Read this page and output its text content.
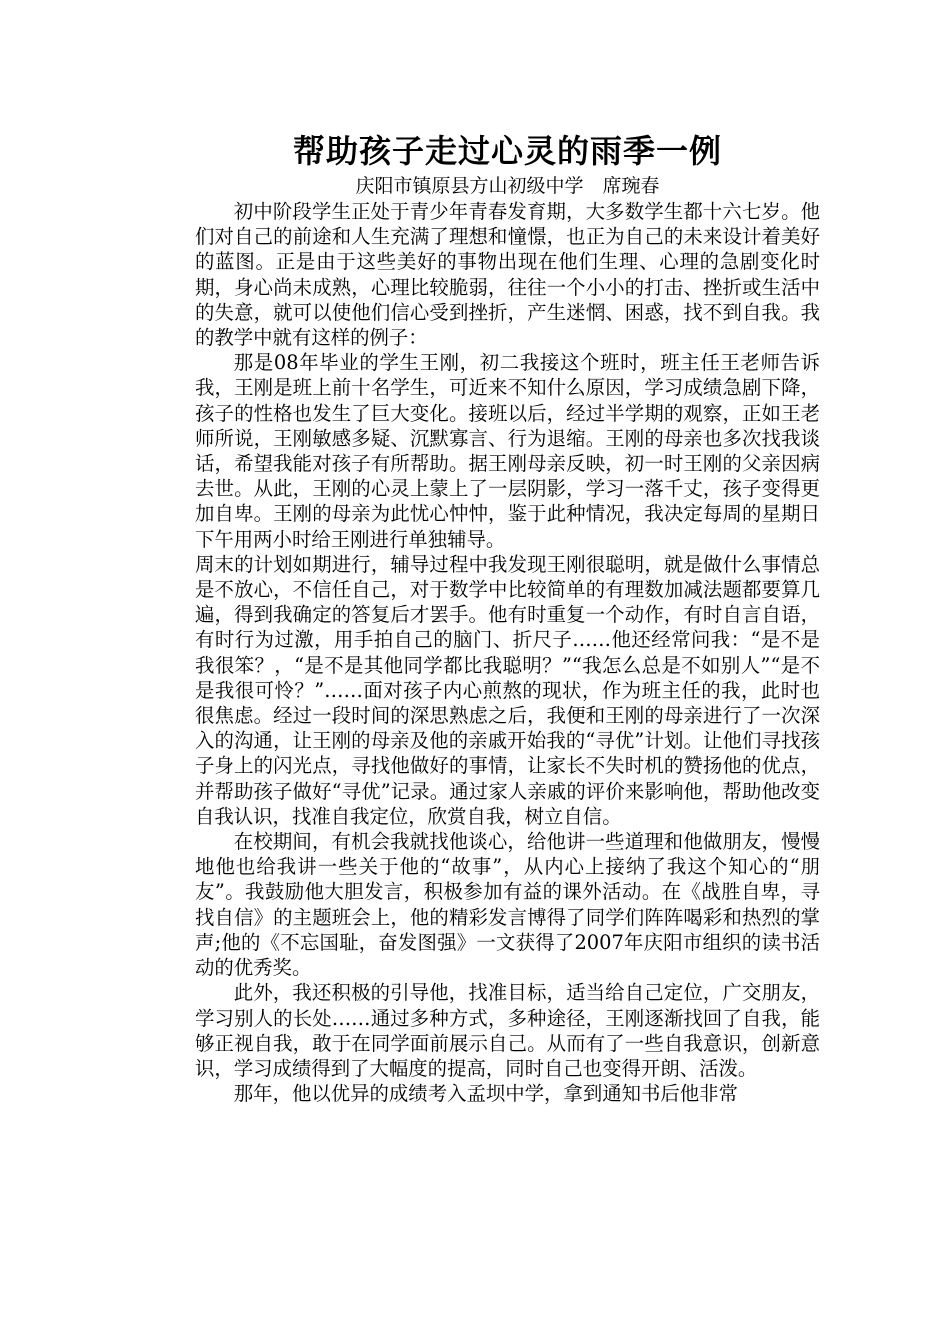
帮助孩子走过心灵的雨季一例

庆阳市镇原县方山初级中学　席琬春

初中阶段学生正处于青少年青春发育期，大多数学生都十六七岁。他们对自己的前途和人生充满了理想和憧憬，也正为自己的未来设计着美好的蓝图。正是由于这些美好的事物出现在他们生理、心理的急剧变化时期，身心尚未成熟，心理比较脆弱，往往一个小小的打击、挫折或生活中的失意，就可以使他们信心受到挫折，产生迷惘、困惑，找不到自我。我的教学中就有这样的例子：

那是08年毕业的学生王刚，初二我接这个班时，班主任王老师告诉我，王刚是班上前十名学生，可近来不知什么原因，学习成绩急剧下降，孩子的性格也发生了巨大变化。接班以后，经过半学期的观察，正如王老师所说，王刚敏感多疑、沉默寡言、行为退缩。王刚的母亲也多次找我谈话，希望我能对孩子有所帮助。据王刚母亲反映，初一时王刚的父亲因病去世。从此，王刚的心灵上蒙上了一层阴影，学习一落千丈，孩子变得更加自卑。王刚的母亲为此忧心忡忡，鉴于此种情况，我决定每周的星期日下午用两小时给王刚进行单独辅导。

周末的计划如期进行，辅导过程中我发现王刚很聪明，就是做什么事情总是不放心，不信任自己，对于数学中比较简单的有理数加减法题都要算几遍，得到我确定的答复后才罢手。他有时重复一个动作，有时自言自语，有时行为过激，用手拍自己的脑门、折尺子……他还经常问我：“是不是我很笨？，“是不是其他同学都比我聪明？”“我怎么总是不如别人”“是不是我很可怜？”……面对孩子内心煎熬的现状，作为班主任的我，此时也很焦虑。经过一段时间的深思熟虑之后，我便和王刚的母亲进行了一次深入的沟通，让王刚的母亲及他的亲戚开始我的“寻优”计划。让他们寻找孩子身上的闪光点，寻找他做好的事情，让家长不失时机的赞扬他的优点，并帮助孩子做好“寻优”记录。通过家人亲戚的评价来影响他，帮助他改变自我认识，找准自我定位，欣赏自我，树立自信。

在校期间，有机会我就找他谈心，给他讲一些道理和他做朋友，慢慢地他也给我讲一些关于他的“故事”，从内心上接纳了我这个知心的“朋友”。我鼓励他大胆发言，积极参加有益的课外活动。在《战胜自卑，寻找自信》的主题班会上，他的精彩发言博得了同学们阵阵喝彩和热烈的掌声;他的《不忘国耻，奋发图强》一文获得了2007年庆阳市组织的读书活动的优秀奖。

此外，我还积极的引导他，找准目标，适当给自己定位，广交朋友，学习别人的长处……通过多种方式，多种途径，王刚逐渐找回了自我，能够正视自我，敢于在同学面前展示自己。从而有了一些自我意识，创新意识，学习成绩得到了大幅度的提高，同时自己也变得开朗、活泼。

那年，他以优异的成绩考入孟坝中学，拿到通知书后他非常
